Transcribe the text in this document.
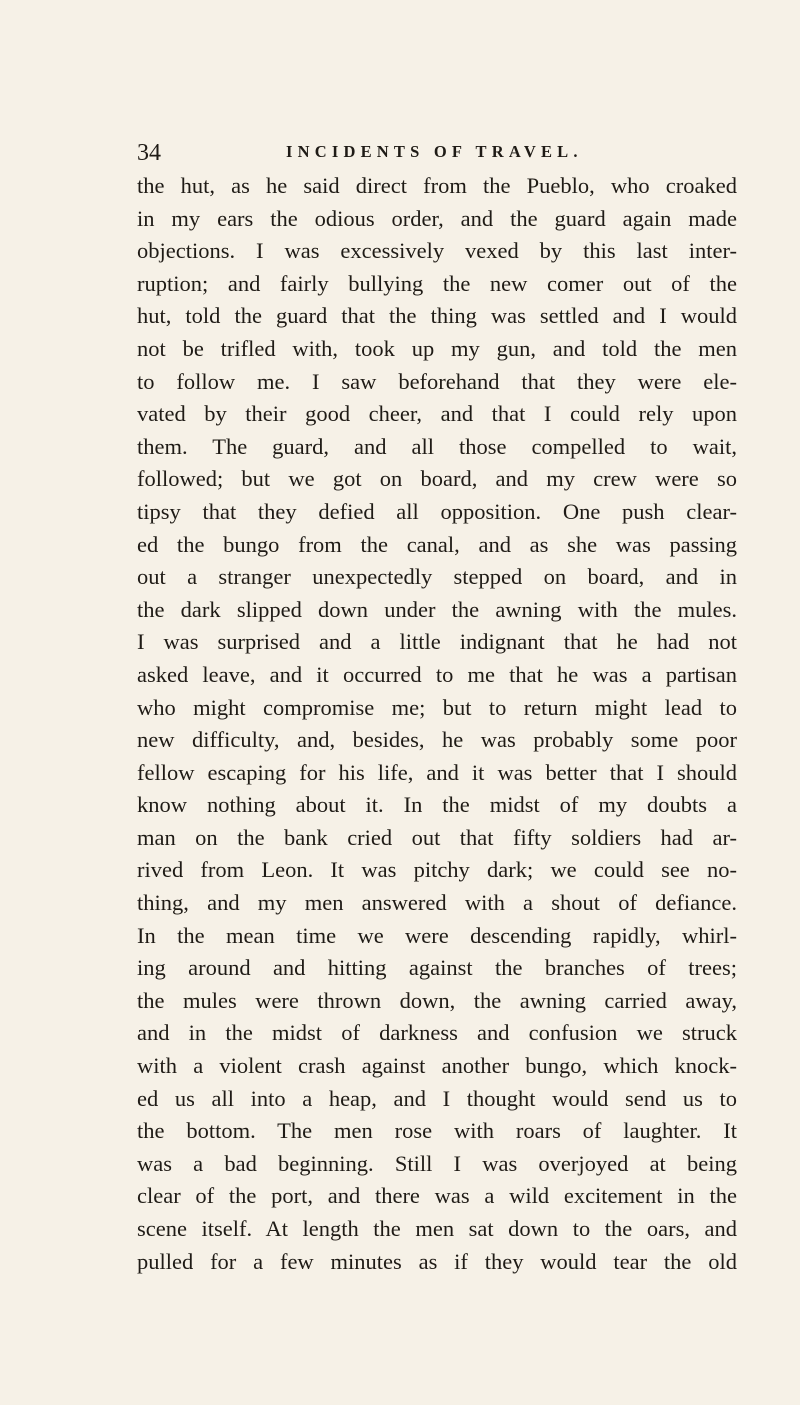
34	INCIDENTS OF TRAVEL.
the hut, as he said direct from the Pueblo, who croaked
in my ears the odious order, and the guard again made
objections. I was excessively vexed by this last inter-
ruption; and fairly bullying the new comer out of the
hut, told the guard that the thing was settled and I would
not be trifled with, took up my gun, and told the men
to follow me. I saw beforehand that they were ele-
vated by their good cheer, and that I could rely upon
them. The guard, and all those compelled to wait,
followed; but we got on board, and my crew were so
tipsy that they defied all opposition. One push clear-
ed the bungo from the canal, and as she was passing
out a stranger unexpectedly stepped on board, and in
the dark slipped down under the awning with the mules.
I was surprised and a little indignant that he had not
asked leave, and it occurred to me that he was a partisan
who might compromise me; but to return might lead to
new difficulty, and, besides, he was probably some poor
fellow escaping for his life, and it was better that I should
know nothing about it. In the midst of my doubts a
man on the bank cried out that fifty soldiers had ar-
rived from Leon. It was pitchy dark; we could see no-
thing, and my men answered with a shout of defiance.
In the mean time we were descending rapidly, whirl-
ing around and hitting against the branches of trees;
the mules were thrown down, the awning carried away,
and in the midst of darkness and confusion we struck
with a violent crash against another bungo, which knock-
ed us all into a heap, and I thought would send us to
the bottom. The men rose with roars of laughter. It
was a bad beginning. Still I was overjoyed at being
clear of the port, and there was a wild excitement in the
scene itself. At length the men sat down to the oars, and
pulled for a few minutes as if they would tear the old
